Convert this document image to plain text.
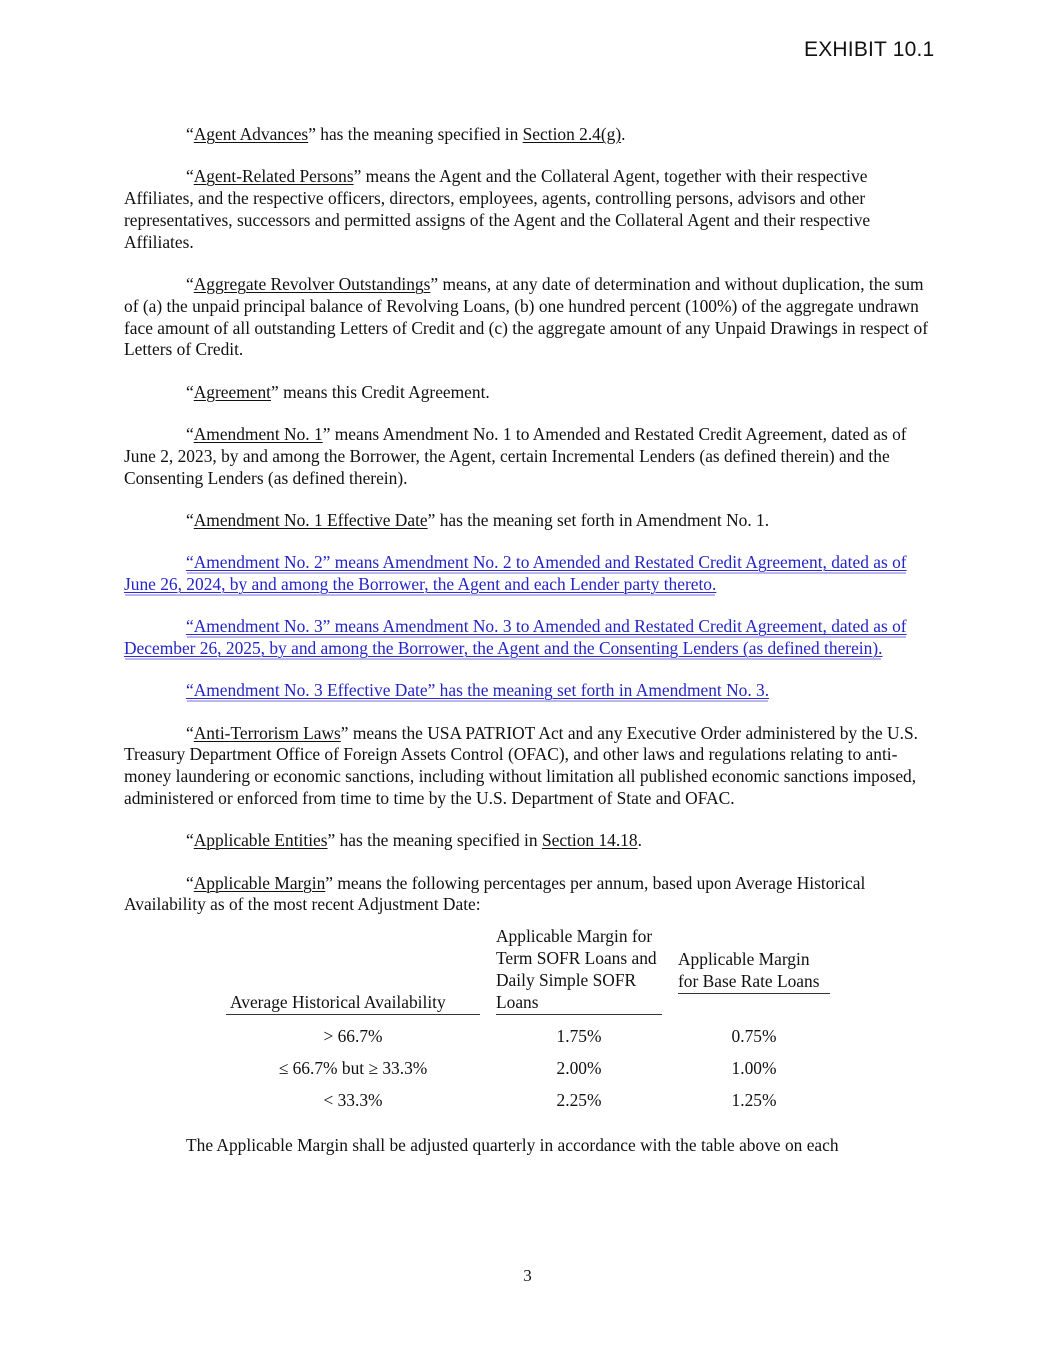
EXHIBIT 10.1

“Agent Advances” has the meaning specified in Section 2.4(g).

“Agent-Related Persons” means the Agent and the Collateral Agent, together with their respective Affiliates, and the respective officers, directors, employees, agents, controlling persons, advisors and other representatives, successors and permitted assigns of the Agent and the Collateral Agent and their respective Affiliates.

“Aggregate Revolver Outstandings” means, at any date of determination and without duplication, the sum of (a) the unpaid principal balance of Revolving Loans, (b) one hundred percent (100%) of the aggregate undrawn face amount of all outstanding Letters of Credit and (c) the aggregate amount of any Unpaid Drawings in respect of Letters of Credit.

“Agreement” means this Credit Agreement.

“Amendment No. 1” means Amendment No. 1 to Amended and Restated Credit Agreement, dated as of June 2, 2023, by and among the Borrower, the Agent, certain Incremental Lenders (as defined therein) and the Consenting Lenders (as defined therein).

“Amendment No. 1 Effective Date” has the meaning set forth in Amendment No. 1.

“Amendment No. 2” means Amendment No. 2 to Amended and Restated Credit Agreement, dated as of June 26, 2024, by and among the Borrower, the Agent and each Lender party thereto.

“Amendment No. 3” means Amendment No. 3 to Amended and Restated Credit Agreement, dated as of December 26, 2025, by and among the Borrower, the Agent and the Consenting Lenders (as defined therein).

“Amendment No. 3 Effective Date” has the meaning set forth in Amendment No. 3.

“Anti-Terrorism Laws” means the USA PATRIOT Act and any Executive Order administered by the U.S. Treasury Department Office of Foreign Assets Control (OFAC), and other laws and regulations relating to anti-money laundering or economic sanctions, including without limitation all published economic sanctions imposed, administered or enforced from time to time by the U.S. Department of State and OFAC.

“Applicable Entities” has the meaning specified in Section 14.18.

“Applicable Margin” means the following percentages per annum, based upon Average Historical Availability as of the most recent Adjustment Date:

Average Historical Availability	Applicable Margin for Term SOFR Loans and Daily Simple SOFR Loans	Applicable Margin for Base Rate Loans

> 66.7%	1.75%	0.75%
≤ 66.7% but ≥ 33.3%	2.00%	1.00%
< 33.3%	2.25%	1.25%

The Applicable Margin shall be adjusted quarterly in accordance with the table above on each

3
